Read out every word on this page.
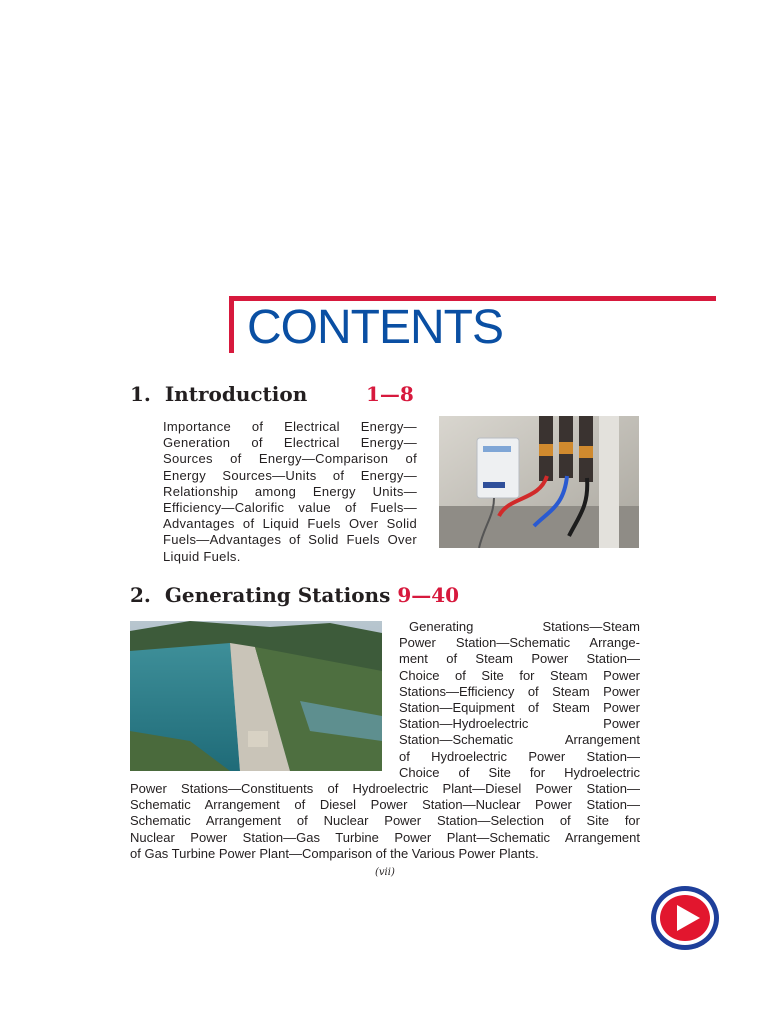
CONTENTS
1. Introduction	1—8
Importance of Electrical Energy—
Generation of Electrical Energy—
Sources of Energy—Comparison of
Energy Sources—Units of Energy—
Relationship among Energy Units—
Efficiency—Calorific value of Fuels—
Advantages of Liquid Fuels Over Solid
Fuels—Advantages of Solid Fuels Over
Liquid Fuels.
2. Generating Stations 9—40
Generating Stations—Steam
Power Station—Schematic Arrange-
ment of Steam Power Station—
Choice of Site for Steam Power
Stations—Efficiency of Steam Power
Station—Equipment of Steam Power
Station—Hydroelectric Power
Station—Schematic Arrangement
of Hydroelectric Power Station—
Choice of Site for Hydroelectric
Power Stations—Constituents of Hydroelectric Plant—Diesel Power Station—
Schematic Arrangement of Diesel Power Station—Nuclear Power Station—
Schematic Arrangement of Nuclear Power Station—Selection of Site for
Nuclear Power Station—Gas Turbine Power Plant—Schematic Arrangement
of Gas Turbine Power Plant—Comparison of the Various Power Plants.
(vii)
